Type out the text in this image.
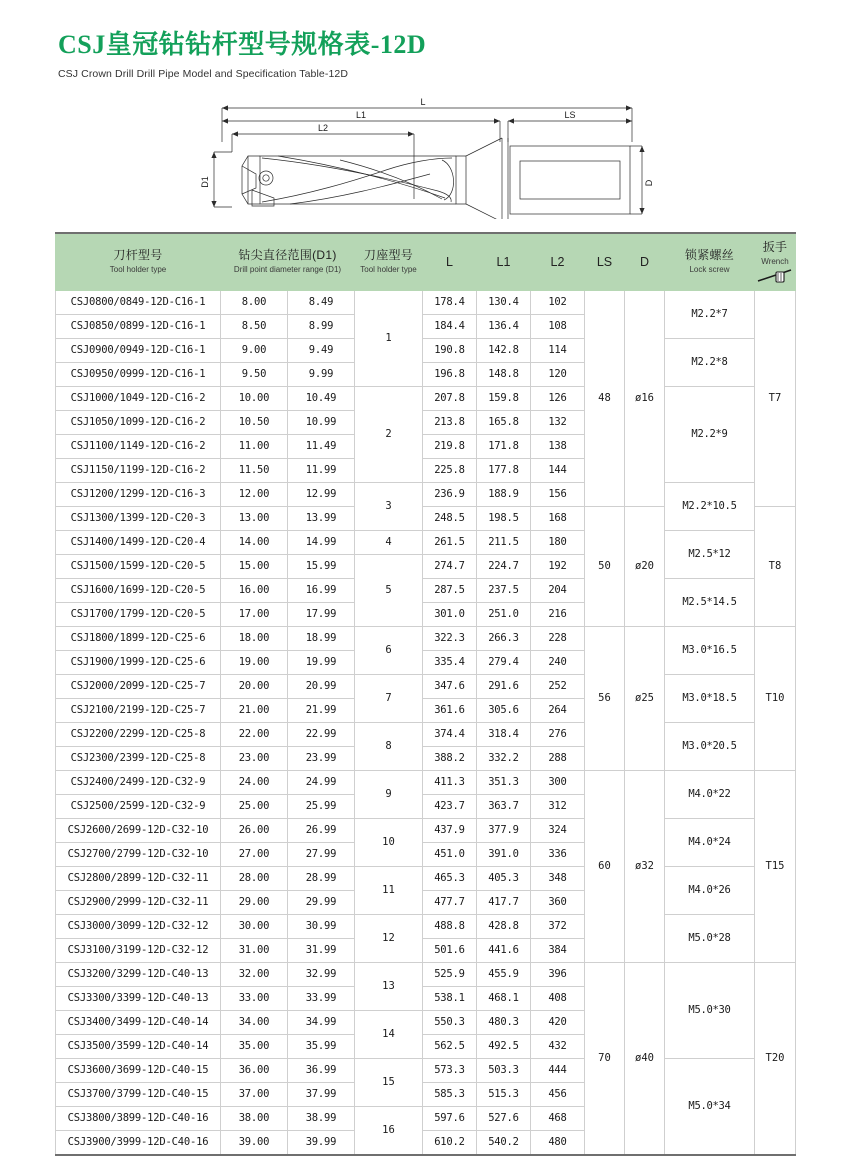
CSJ皇冠钻钻杆型号规格表-12D
CSJ Crown Drill Drill Pipe Model and Specification Table-12D
L
L1
L2
LS
D1	D
刀杆型号
Tool holder type	钻尖直径范围(D1)
Drill point diameter range (D1)		刀座型号
Tool holder type	L	L1	L2	LS	D	锁紧螺丝
Lock screw	扳手
Wrench

CSJ0800/0849-12D-C16-1	8.00	8.49	1	178.4	130.4	102	48	ø16	M2.2*7	T7
CSJ0850/0899-12D-C16-1	8.50	8.99		184.4	136.4	108				
CSJ0900/0949-12D-C16-1	9.00	9.49		190.8	142.8	114			M2.2*8	
CSJ0950/0999-12D-C16-1	9.50	9.99		196.8	148.8	120				
CSJ1000/1049-12D-C16-2	10.00	10.49	2	207.8	159.8	126			M2.2*9	
CSJ1050/1099-12D-C16-2	10.50	10.99		213.8	165.8	132				
CSJ1100/1149-12D-C16-2	11.00	11.49		219.8	171.8	138				
CSJ1150/1199-12D-C16-2	11.50	11.99		225.8	177.8	144				
CSJ1200/1299-12D-C16-3	12.00	12.99	3	236.9	188.9	156			M2.2*10.5	
CSJ1300/1399-12D-C20-3	13.00	13.99		248.5	198.5	168	50	ø20		T8
CSJ1400/1499-12D-C20-4	14.00	14.99	4	261.5	211.5	180			M2.5*12	
CSJ1500/1599-12D-C20-5	15.00	15.99	5	274.7	224.7	192				
CSJ1600/1699-12D-C20-5	16.00	16.99		287.5	237.5	204			M2.5*14.5	
CSJ1700/1799-12D-C20-5	17.00	17.99		301.0	251.0	216				
CSJ1800/1899-12D-C25-6	18.00	18.99	6	322.3	266.3	228	56	ø25	M3.0*16.5	T10
CSJ1900/1999-12D-C25-6	19.00	19.99		335.4	279.4	240				
CSJ2000/2099-12D-C25-7	20.00	20.99	7	347.6	291.6	252			M3.0*18.5	
CSJ2100/2199-12D-C25-7	21.00	21.99		361.6	305.6	264				
CSJ2200/2299-12D-C25-8	22.00	22.99	8	374.4	318.4	276			M3.0*20.5	
CSJ2300/2399-12D-C25-8	23.00	23.99		388.2	332.2	288				
CSJ2400/2499-12D-C32-9	24.00	24.99	9	411.3	351.3	300	60	ø32	M4.0*22	T15
CSJ2500/2599-12D-C32-9	25.00	25.99		423.7	363.7	312				
CSJ2600/2699-12D-C32-10	26.00	26.99	10	437.9	377.9	324			M4.0*24	
CSJ2700/2799-12D-C32-10	27.00	27.99		451.0	391.0	336				
CSJ2800/2899-12D-C32-11	28.00	28.99	11	465.3	405.3	348			M4.0*26	
CSJ2900/2999-12D-C32-11	29.00	29.99		477.7	417.7	360				
CSJ3000/3099-12D-C32-12	30.00	30.99	12	488.8	428.8	372			M5.0*28	
CSJ3100/3199-12D-C32-12	31.00	31.99		501.6	441.6	384				
CSJ3200/3299-12D-C40-13	32.00	32.99	13	525.9	455.9	396	70	ø40	M5.0*30	T20
CSJ3300/3399-12D-C40-13	33.00	33.99		538.1	468.1	408				
CSJ3400/3499-12D-C40-14	34.00	34.99	14	550.3	480.3	420				
CSJ3500/3599-12D-C40-14	35.00	35.99		562.5	492.5	432				
CSJ3600/3699-12D-C40-15	36.00	36.99	15	573.3	503.3	444			M5.0*34	
CSJ3700/3799-12D-C40-15	37.00	37.99		585.3	515.3	456				
CSJ3800/3899-12D-C40-16	38.00	38.99	16	597.6	527.6	468				
CSJ3900/3999-12D-C40-16	39.00	39.99		610.2	540.2	480				
